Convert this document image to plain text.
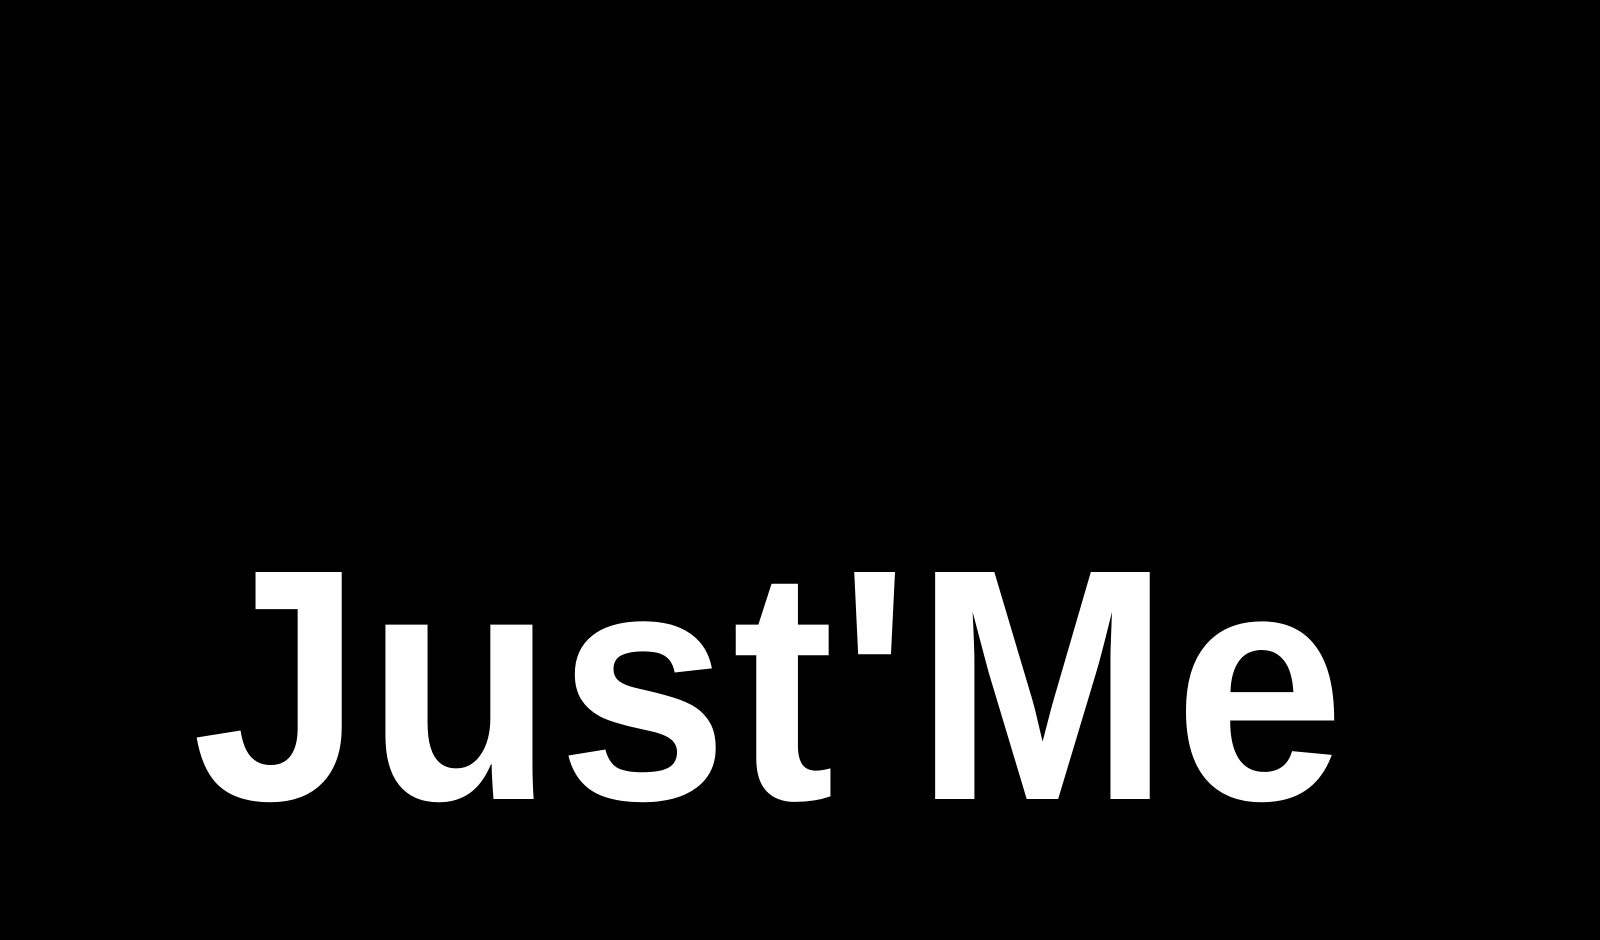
Just'Me
